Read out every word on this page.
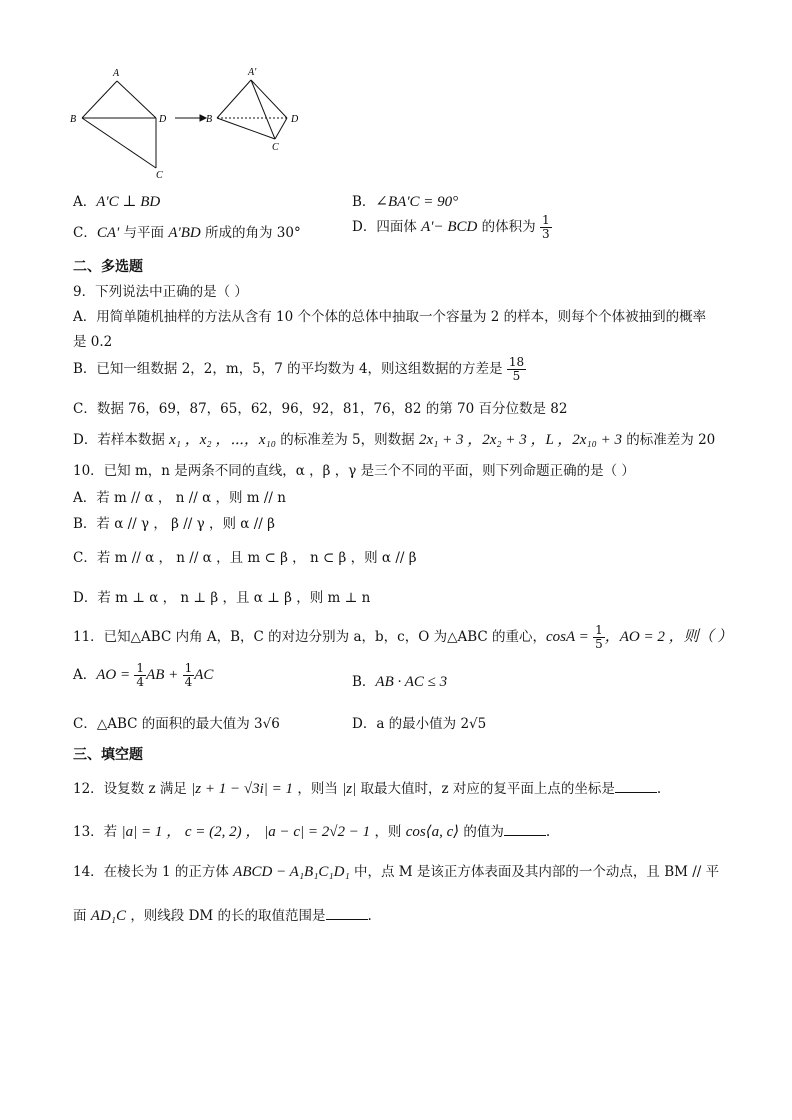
A
B	D
C
A'
B	D
C
A．A'C ⊥ BD	B．∠BA'C = 90°
C．CA' 与平面 A'BD 所成的角为 30°	D．四面体 A'− BCD 的体积为 $\frac{1}{3}$
二、多选题
9．下列说法中正确的是（ ）
A．用简单随机抽样的方法从含有 10 个个体的总体中抽取一个容量为 2 的样本，则每个个体被抽到的概率
是 0.2
B．已知一组数据 2，2，m，5，7 的平均数为 4，则这组数据的方差是 $\frac{18}{5}$
C．数据 76，69，87，65，62，96，92，81，76，82 的第 70 百分位数是 82
D．若样本数据 x₁ ，x₂ ，⋯，x₁₀ 的标准差为 5，则数据 2x₁ + 3 ，2x₂ + 3 ，L ，2x₁₀ + 3 的标准差为 20
10．已知 m，n 是两条不同的直线，α ，β ，γ 是三个不同的平面，则下列命题正确的是（ ）
A．若 m // α ， n // α ，则 m // n
B．若 α // γ ， β // γ ，则 α // β
C．若 m // α ， n // α ，且 m ⊂ β ， n ⊂ β ，则 α // β
D．若 m ⊥ α ， n ⊥ β ，且 α ⊥ β ，则 m ⊥ n
11．已知△ABC 内角 A，B，C 的对边分别为 a，b，c，O 为△ABC 的重心，$\cos A = \frac{1}{5}$ ，AO = 2 ，则（ ）
A．AO = $\frac{1}{4}$ AB + $\frac{1}{4}$ AC	B．AB · AC ≤ 3
C．△ABC 的面积的最大值为 3√6	D．a 的最小值为 2√5
三、填空题
12．设复数 z 满足 |z + 1 − √3i| = 1 ，则当 |z| 取最大值时，z 对应的复平面上点的坐标是	.
13．若 |a| = 1 ， c = (2, 2) ， |a − c| = 2√2 − 1 ，则 cos⟨a, c⟩ 的值为	.
14．在棱长为 1 的正方体 ABCD − A₁B₁C₁D₁ 中，点 M 是该正方体表面及其内部的一个动点，且 BM // 平
面 AD₁C ，则线段 DM 的长的取值范围是	.
